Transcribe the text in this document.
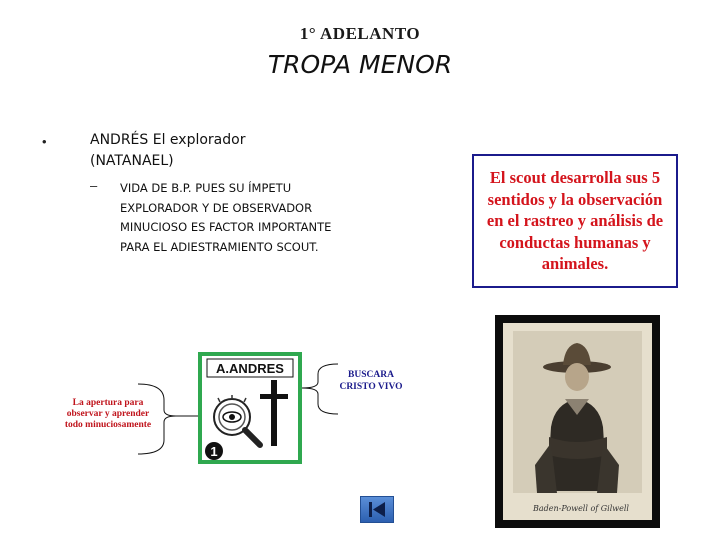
1° ADELANTO
TROPA MENOR
•	ANDRÉS El explorador (NATANAEL)
– VIDA DE B.P. PUES SU ÍMPETU EXPLORADOR Y DE OBSERVADOR MINUCIOSO ES FACTOR IMPORTANTE PARA EL ADIESTRAMIENTO SCOUT.
El scout desarrolla sus 5 sentidos y la observación en el rastreo y análisis de conductas humanas y animales.
A.ANDRES
1
La apertura para observar y aprender todo minuciosamente
BUSCARA CRISTO VIVO
Baden-Powell of Gilwell
